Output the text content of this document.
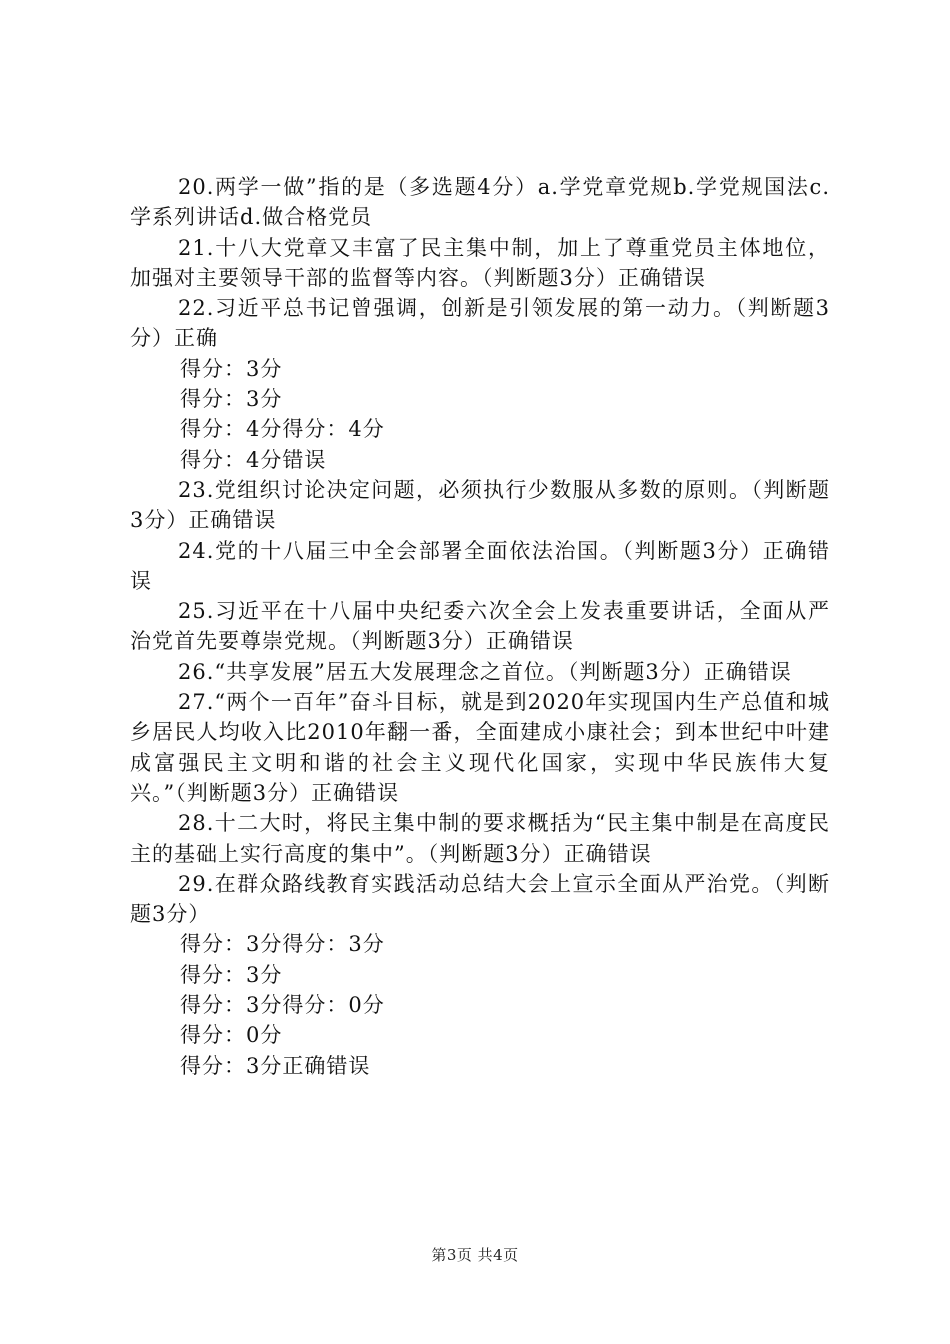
20.两学一做”指的是（多选题4分）a.学党章党规b.学党规国法c.学系列讲话d.做合格党员

21.十八大党章又丰富了民主集中制，加上了尊重党员主体地位，加强对主要领导干部的监督等内容。（判断题3分）正确错误

22.习近平总书记曾强调，创新是引领发展的第一动力。（判断题3分）正确

得分：3分

得分：3分

得分：4分得分：4分

得分：4分错误

23.党组织讨论决定问题，必须执行少数服从多数的原则。（判断题3分）正确错误

24.党的十八届三中全会部署全面依法治国。（判断题3分）正确错误

25.习近平在十八届中央纪委六次全会上发表重要讲话，全面从严治党首先要尊崇党规。（判断题3分）正确错误

26.“共享发展”居五大发展理念之首位。（判断题3分）正确错误

27.“两个一百年”奋斗目标，就是到2020年实现国内生产总值和城乡居民人均收入比2010年翻一番，全面建成小康社会；到本世纪中叶建成富强民主文明和谐的社会主义现代化国家，实现中华民族伟大复兴。”（判断题3分）正确错误

28.十二大时，将民主集中制的要求概括为“民主集中制是在高度民主的基础上实行高度的集中”。（判断题3分）正确错误

29.在群众路线教育实践活动总结大会上宣示全面从严治党。（判断题3分）

得分：3分得分：3分

得分：3分

得分：3分得分：0分

得分：0分

得分：3分正确错误

第3页 共4页
